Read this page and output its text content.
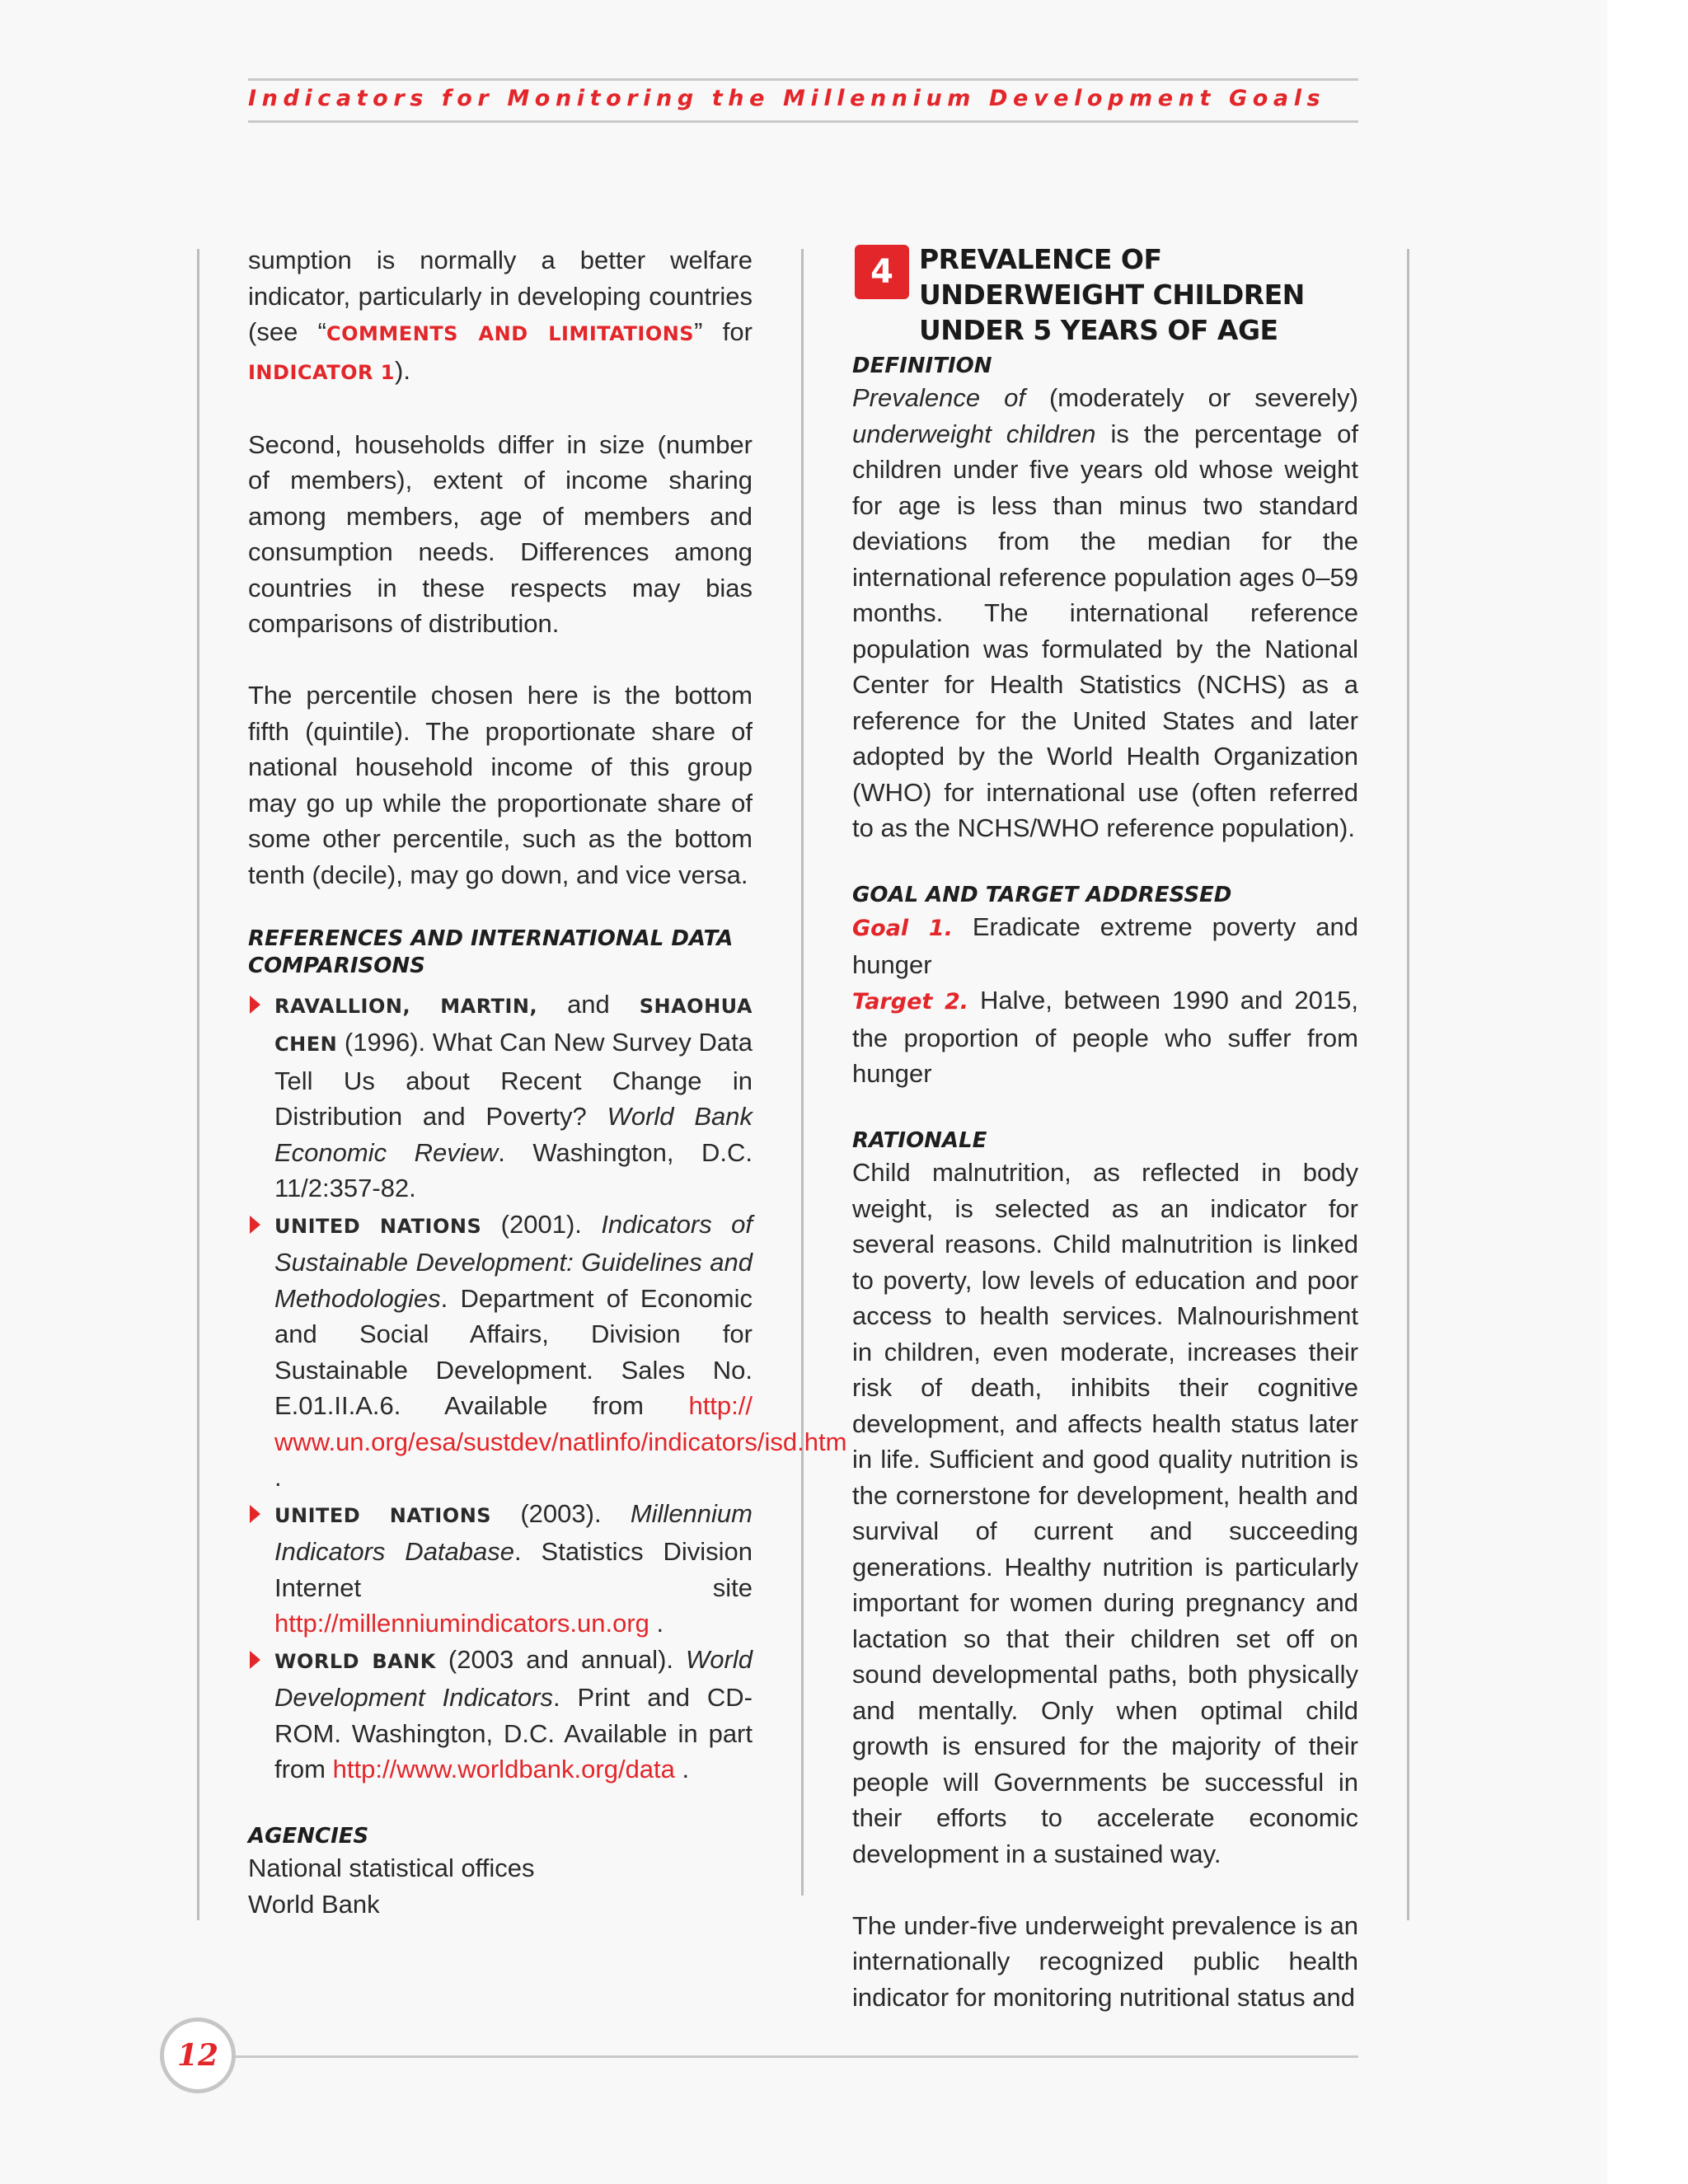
Indicators for Monitoring the Millennium Development Goals

sumption is normally a better welfare indicator, particularly in developing countries (see “COMMENTS AND LIMITATIONS” for INDICATOR 1).

Second, households differ in size (number of members), extent of income sharing among members, age of members and consumption needs. Differences among countries in these respects may bias comparisons of distribution.

The percentile chosen here is the bottom fifth (quintile). The proportionate share of national household income of this group may go up while the proportionate share of some other percentile, such as the bottom tenth (decile), may go down, and vice versa.

REFERENCES AND INTERNATIONAL DATA COMPARISONS
RAVALLION, MARTIN, and SHAOHUA CHEN (1996). What Can New Survey Data Tell Us about Recent Change in Distribution and Poverty? World Bank Economic Review. Washington, D.C. 11/2:357-82.
UNITED NATIONS (2001). Indicators of Sustainable Development: Guidelines and Methodologies. Department of Economic and Social Affairs, Division for Sustainable Development. Sales No. E.01.II.A.6. Available from http:// www.un.org/esa/sustdev/natlinfo/indicators/isd.htm .
UNITED NATIONS (2003). Millennium Indicators Database. Statistics Division Internet site http://millenniumindicators.un.org .
WORLD BANK (2003 and annual). World Development Indicators. Print and CD-ROM. Washington, D.C. Available in part from http://www.worldbank.org/data .
AGENCIES
National statistical offices
World Bank
4 PREVALENCE OF UNDERWEIGHT CHILDREN UNDER 5 YEARS OF AGE
DEFINITION

Prevalence of (moderately or severely) underweight children is the percentage of children under five years old whose weight for age is less than minus two standard deviations from the median for the international reference population ages 0–59 months. The international reference population was formulated by the National Center for Health Statistics (NCHS) as a reference for the United States and later adopted by the World Health Organization (WHO) for international use (often referred to as the NCHS/WHO reference population).

GOAL AND TARGET ADDRESSED

Goal 1. Eradicate extreme poverty and hunger

Target 2. Halve, between 1990 and 2015, the proportion of people who suffer from hunger

RATIONALE

Child malnutrition, as reflected in body weight, is selected as an indicator for several reasons. Child malnutrition is linked to poverty, low levels of education and poor access to health services. Malnourishment in children, even moderate, increases their risk of death, inhibits their cognitive development, and affects health status later in life. Sufficient and good quality nutrition is the cornerstone for development, health and survival of current and succeeding generations. Healthy nutrition is particularly important for women during pregnancy and lactation so that their children set off on sound developmental paths, both physically and mentally. Only when optimal child growth is ensured for the majority of their people will Governments be successful in their efforts to accelerate economic development in a sustained way.

The under-five underweight prevalence is an internationally recognized public health indicator for monitoring nutritional status and

12
